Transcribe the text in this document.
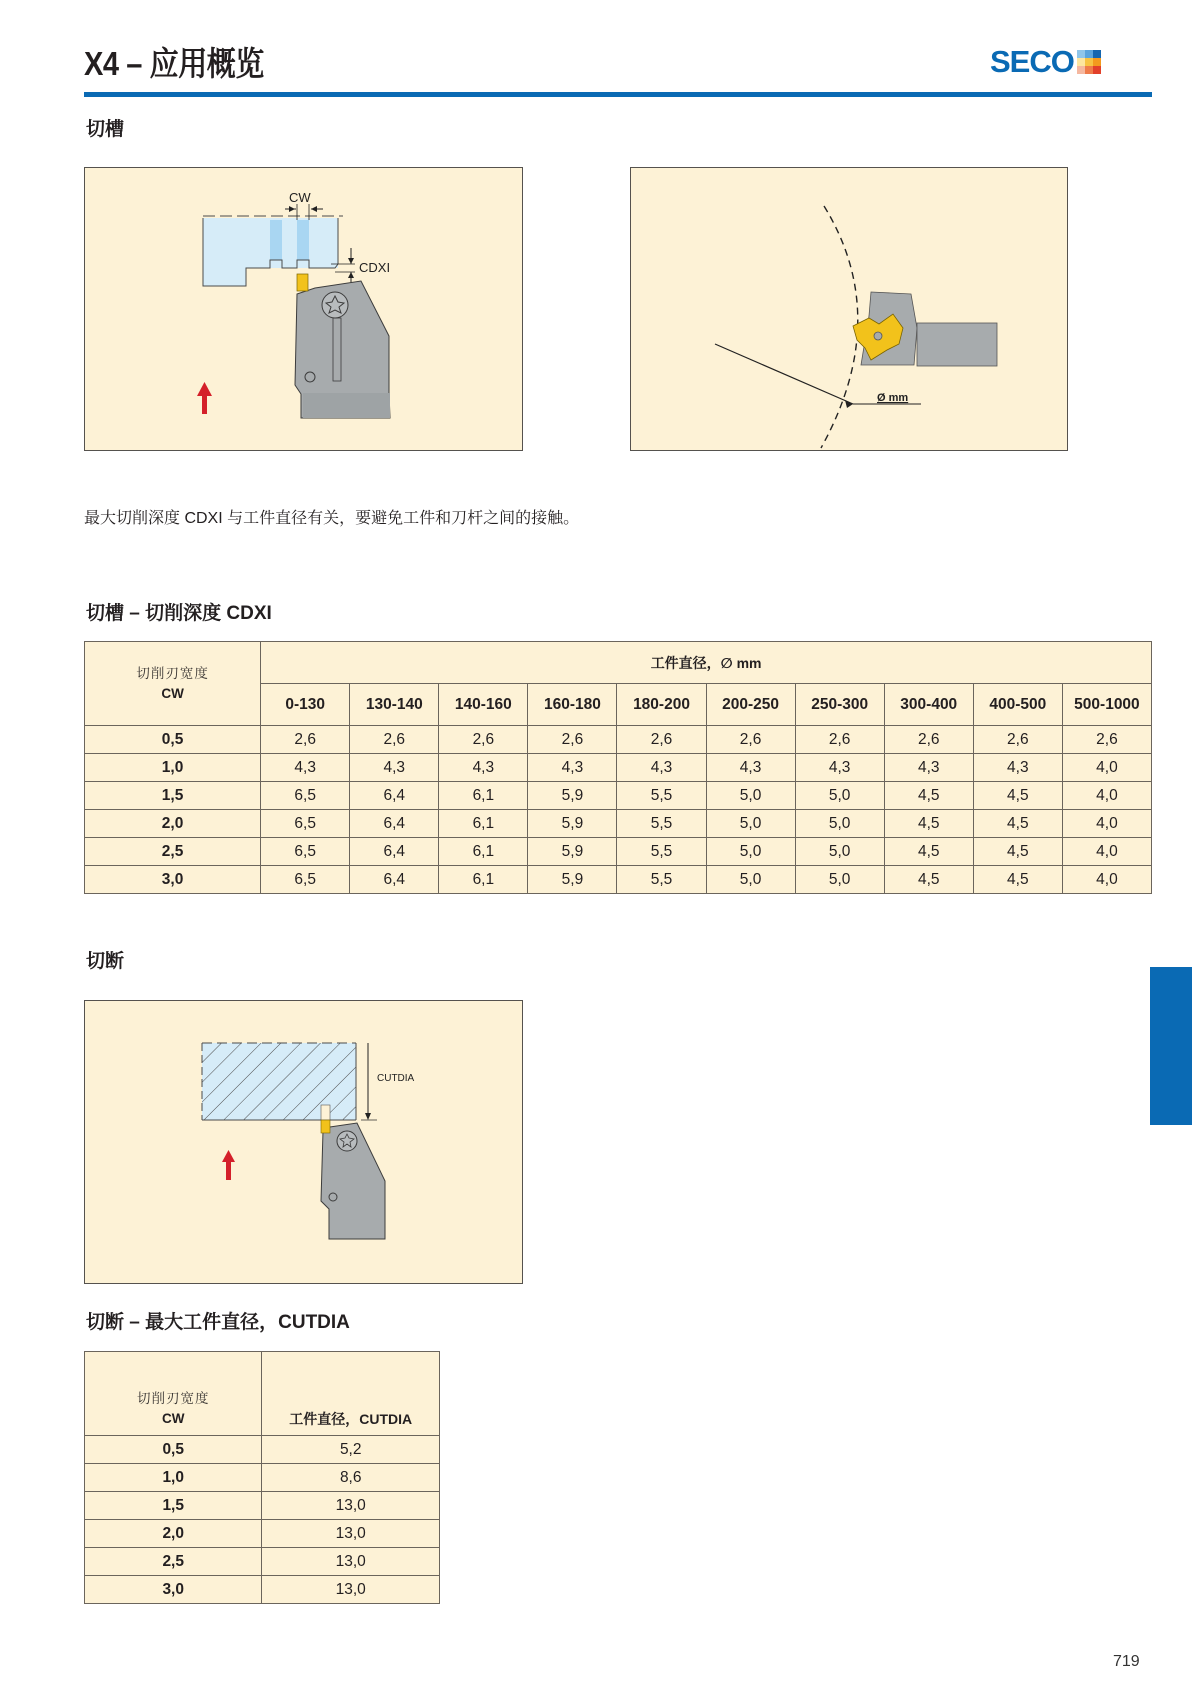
X4 – 应用概览	SECO
切槽
CW
CDXI
Ø mm
最大切削深度 CDXI 与工件直径有关，要避免工件和刀杆之间的接触。
切槽 – 切削深度 CDXI
切削刃宽度
CW	工件直径，∅ mm									
	0-130	130-140	140-160	160-180	180-200	200-250	250-300	300-400	400-500	500-1000
0,5	2,6	2,6	2,6	2,6	2,6	2,6	2,6	2,6	2,6	2,6
1,0	4,3	4,3	4,3	4,3	4,3	4,3	4,3	4,3	4,3	4,0
1,5	6,5	6,4	6,1	5,9	5,5	5,0	5,0	4,5	4,5	4,0
2,0	6,5	6,4	6,1	5,9	5,5	5,0	5,0	4,5	4,5	4,0
2,5	6,5	6,4	6,1	5,9	5,5	5,0	5,0	4,5	4,5	4,0
3,0	6,5	6,4	6,1	5,9	5,5	5,0	5,0	4,5	4,5	4,0
切断
CUTDIA
切断 – 最大工件直径，CUTDIA
切削刃宽度
CW	工件直径，CUTDIA
0,5	5,2
1,0	8,6
1,5	13,0
2,0	13,0
2,5	13,0
3,0	13,0
719
